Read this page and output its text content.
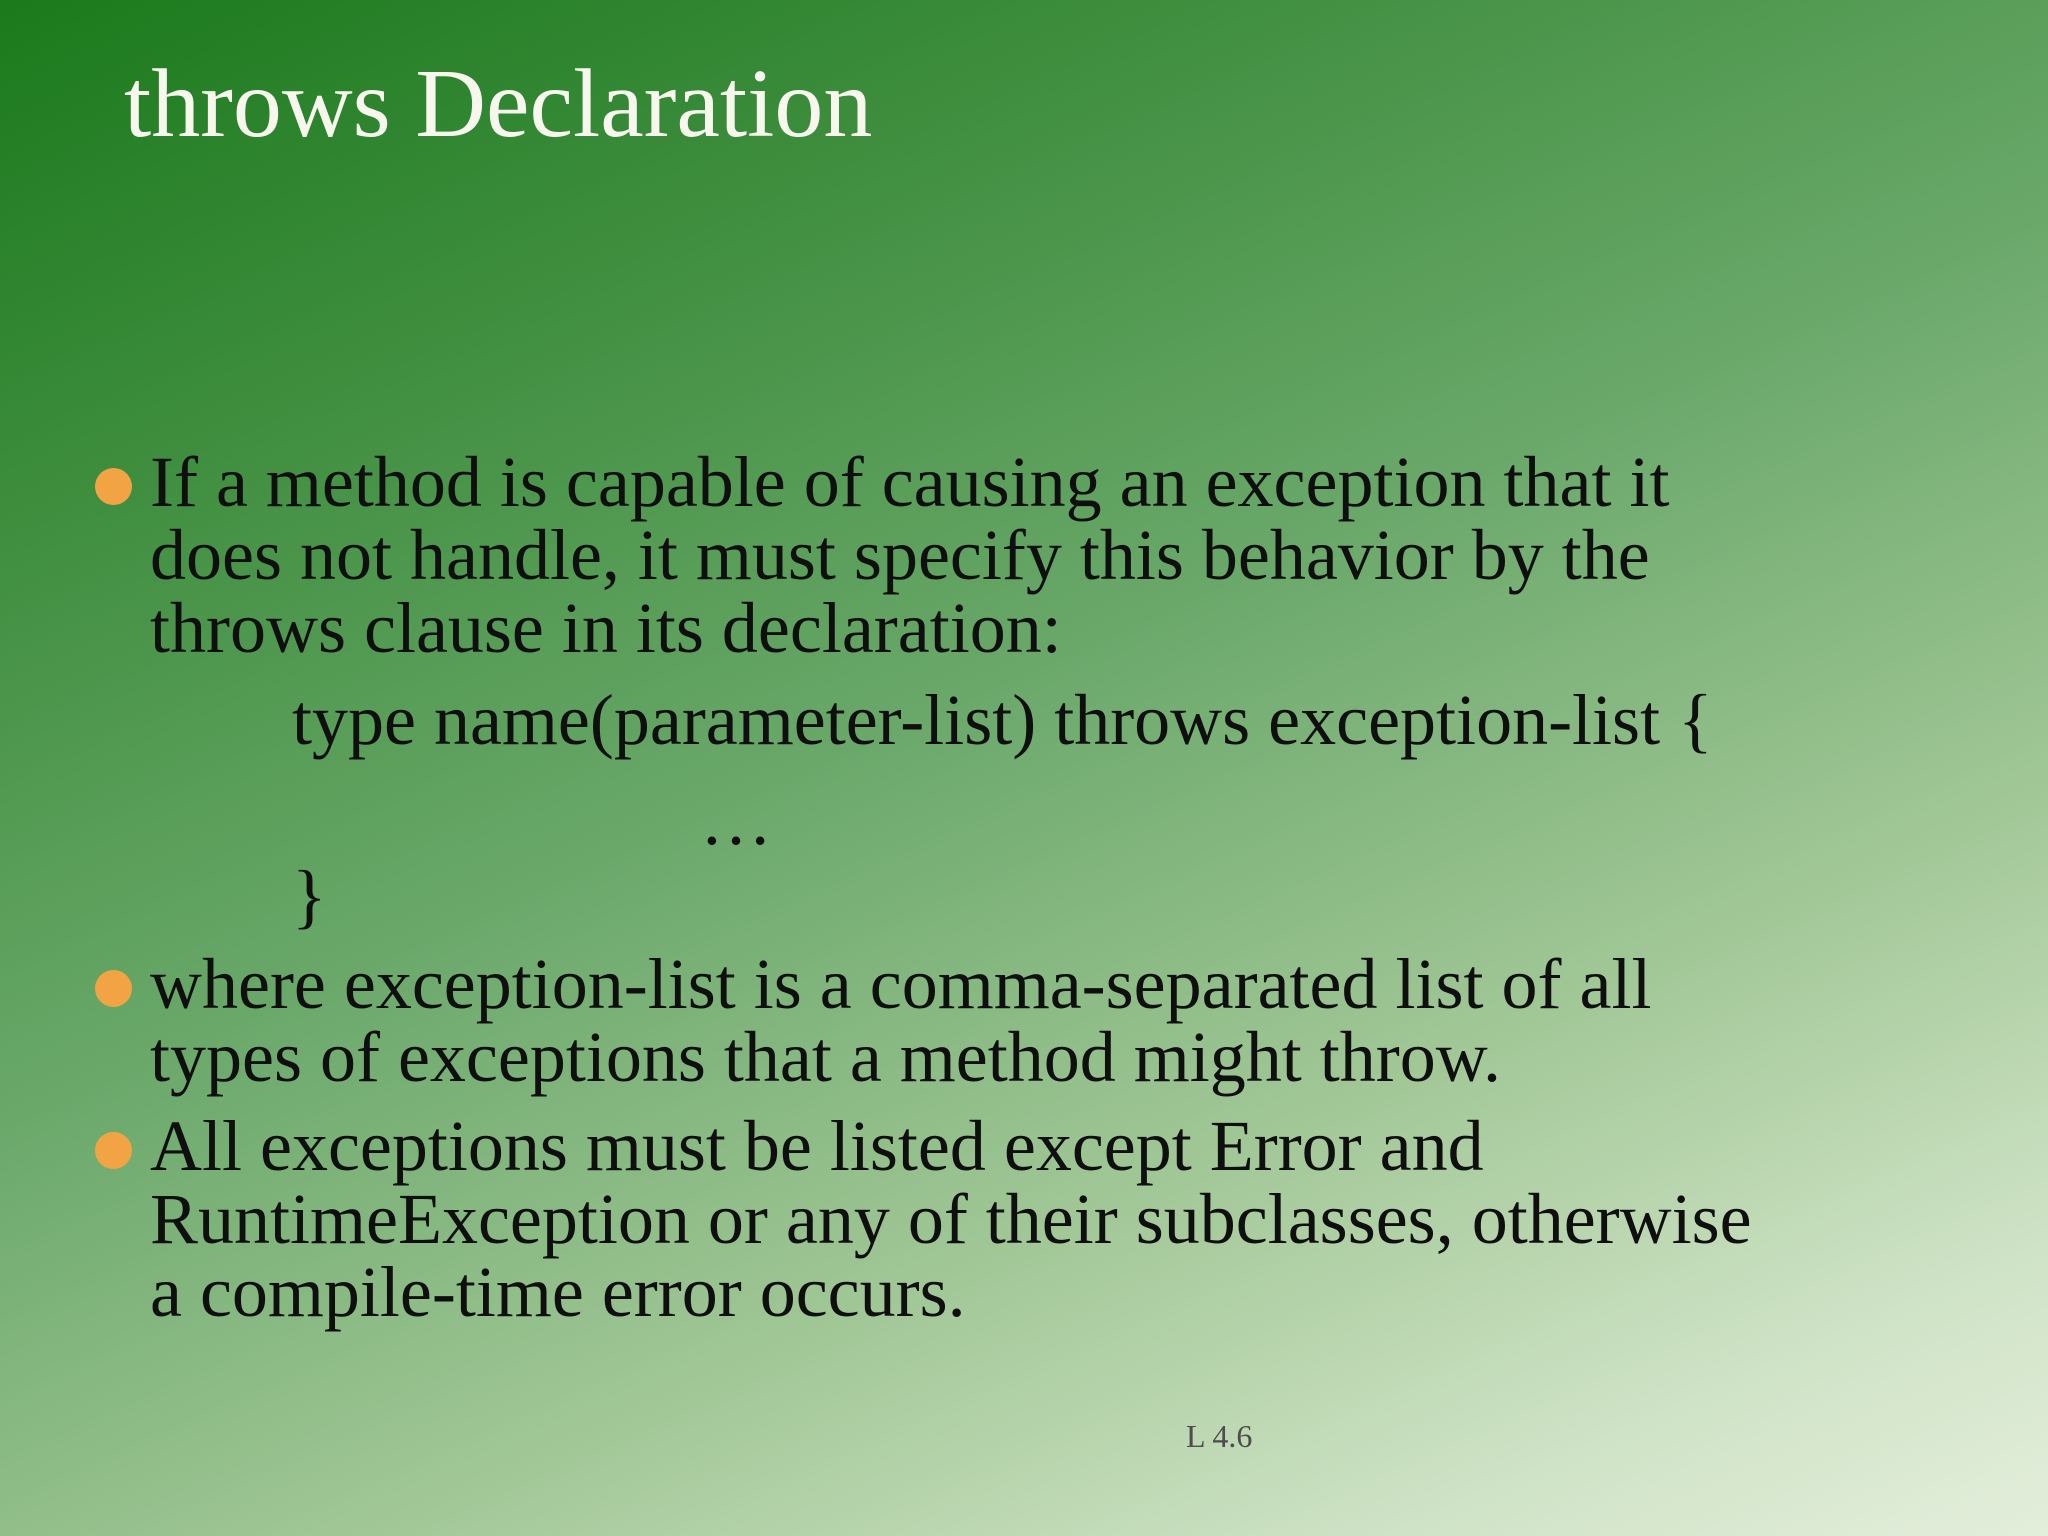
throws Declaration
If a method is capable of causing an exception that it
does not handle, it must specify this behavior by the
throws clause in its declaration:
type name(parameter-list) throws exception-list {
…
}
where exception-list is a comma-separated list of all
types of exceptions that a method might throw.
All exceptions must be listed except Error and
RuntimeException or any of their subclasses, otherwise
a compile-time error occurs.
L 4.6
